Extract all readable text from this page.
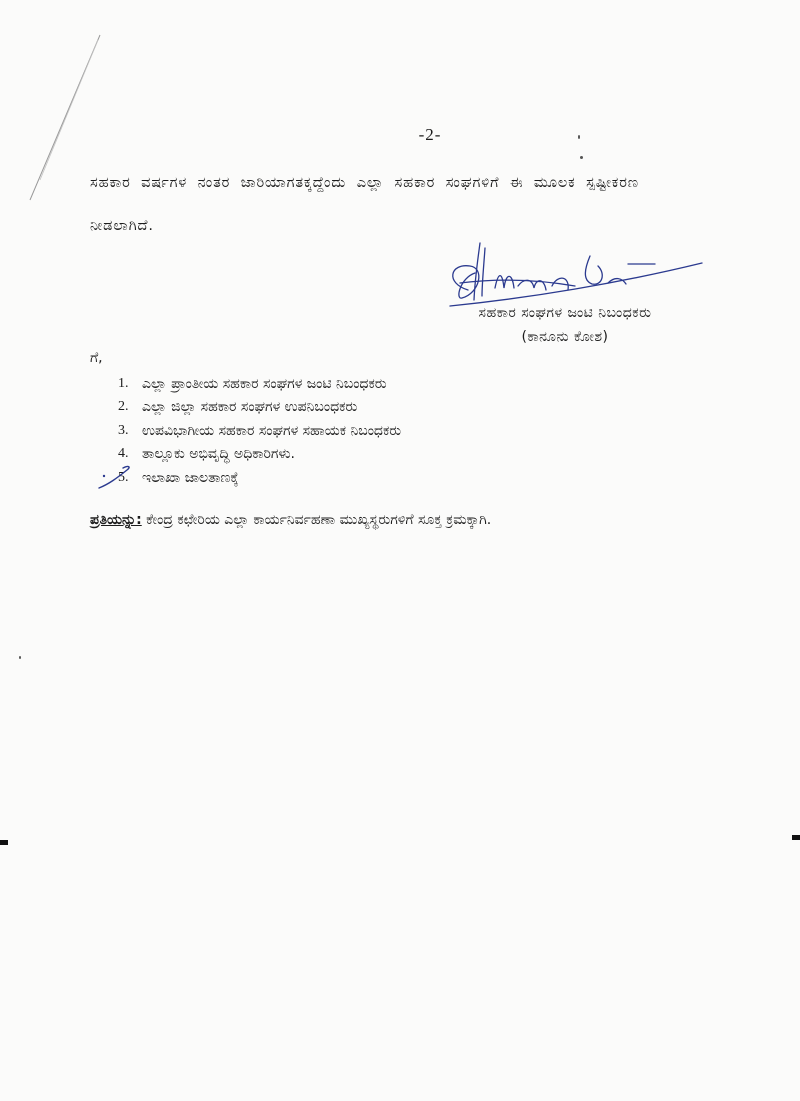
-2-
ಸಹಕಾರ ವರ್ಷಗಳ ನಂತರ ಜಾರಿಯಾಗತಕ್ಕದ್ದೆಂದು ಎಲ್ಲಾ ಸಹಕಾರ ಸಂಘಗಳಿಗೆ ಈ ಮೂಲಕ ಸ್ಪಷ್ಟೀಕರಣ
ನೀಡಲಾಗಿದೆ.
ಸಹಕಾರ ಸಂಘಗಳ ಜಂಟಿ ನಿಬಂಧಕರು
(ಕಾನೂನು ಕೋಶ)
ಗೆ,
1. ಎಲ್ಲಾ ಪ್ರಾಂತೀಯ ಸಹಕಾರ ಸಂಘಗಳ ಜಂಟಿ ನಿಬಂಧಕರು
2. ಎಲ್ಲಾ ಜಿಲ್ಲಾ ಸಹಕಾರ ಸಂಘಗಳ ಉಪನಿಬಂಧಕರು
3. ಉಪವಿಭಾಗೀಯ ಸಹಕಾರ ಸಂಘಗಳ ಸಹಾಯಕ ನಿಬಂಧಕರು
4. ತಾಲ್ಲೂಕು ಅಭಿವೃದ್ಧಿ ಅಧಿಕಾರಿಗಳು.
5. ಇಲಾಖಾ ಜಾಲತಾಣಕ್ಕೆ
ಪ್ರತಿಯನ್ನು: ಕೇಂದ್ರ ಕಛೇರಿಯ ಎಲ್ಲಾ ಕಾರ್ಯನಿರ್ವಹಣಾ ಮುಖ್ಯಸ್ಥರುಗಳಿಗೆ ಸೂಕ್ತ ಕ್ರಮಕ್ಕಾಗಿ.
